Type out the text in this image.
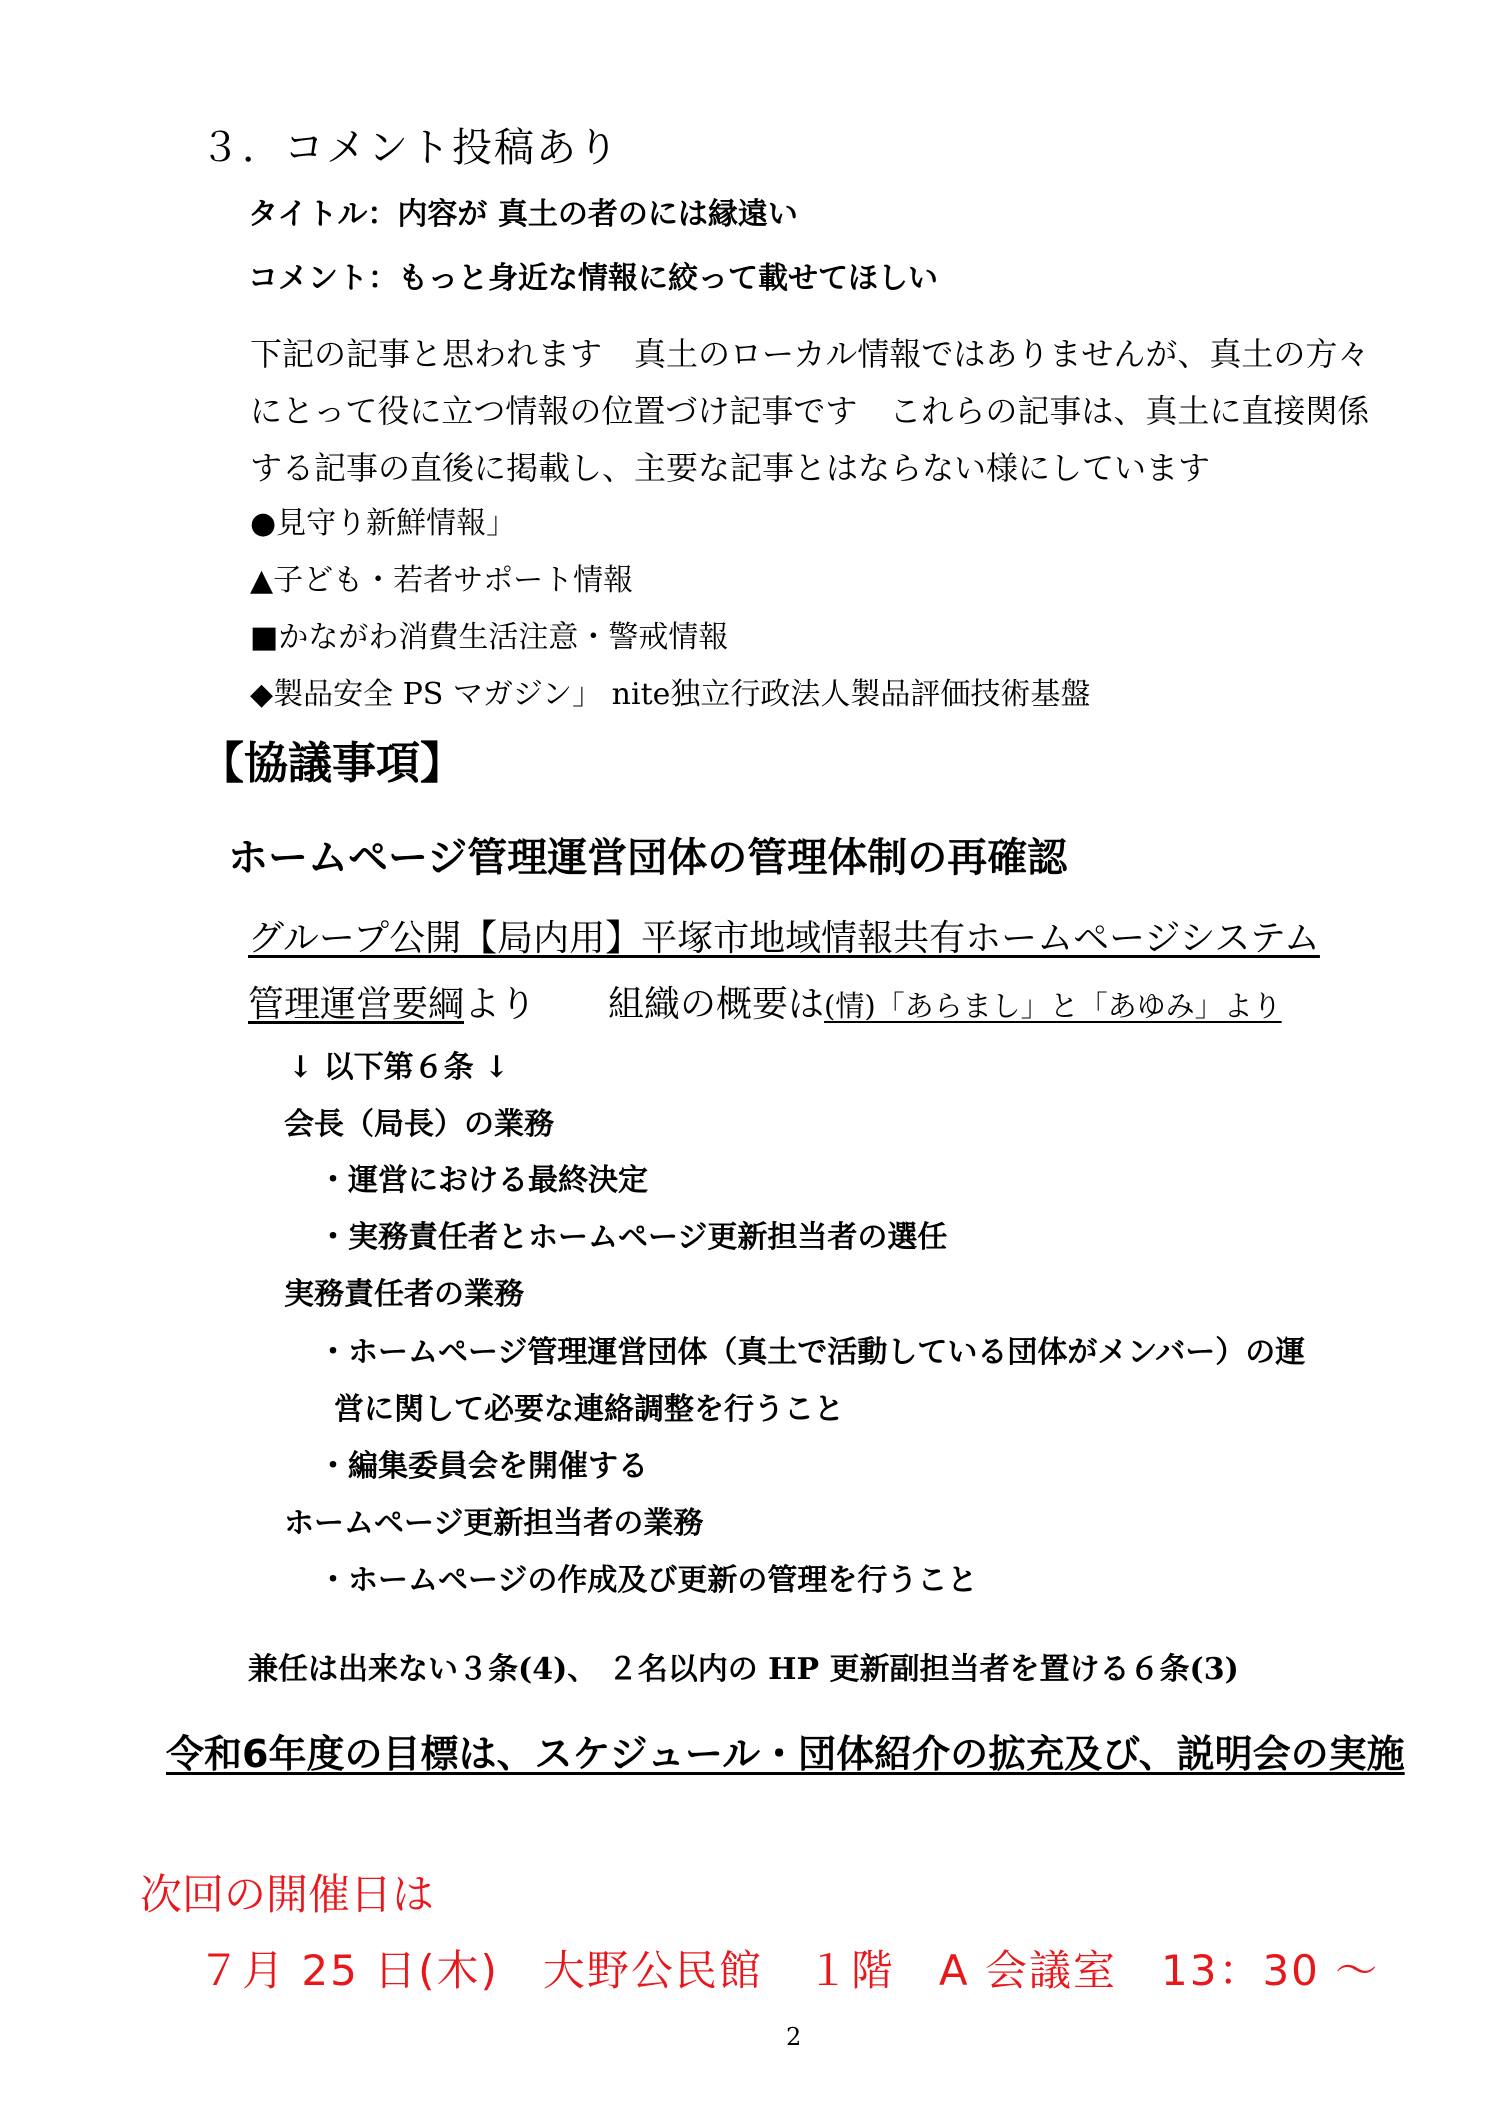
３．コメント投稿あり
タイトル：内容が 真土の者のには縁遠い
コメント：もっと身近な情報に絞って載せてほしい
下記の記事と思われます　真土のローカル情報ではありませんが、真土の方々
にとって役に立つ情報の位置づけ記事です　これらの記事は、真土に直接関係
する記事の直後に掲載し、主要な記事とはならない様にしています
●見守り新鮮情報」
▲子ども・若者サポート情報
■かながわ消費生活注意・警戒情報
◆製品安全 PS マガジン」 nite独立行政法人製品評価技術基盤
【協議事項】
ホームページ管理運営団体の管理体制の再確認
グループ公開【局内用】平塚市地域情報共有ホームページシステム
管理運営要綱より　　組織の概要は(情)「あらまし」と「あゆみ」より
↓ 以下第６条 ↓
会長（局長）の業務
・運営における最終決定
・実務責任者とホームページ更新担当者の選任
実務責任者の業務
・ホームページ管理運営団体（真土で活動している団体がメンバー）の運
営に関して必要な連絡調整を行うこと
・編集委員会を開催する
ホームページ更新担当者の業務
・ホームページの作成及び更新の管理を行うこと
兼任は出来ない３条(4)、 ２名以内の HP 更新副担当者を置ける６条(3)
令和6年度の目標は、スケジュール・団体紹介の拡充及び、説明会の実施
次回の開催日は
７月 25 日(木)　大野公民館　１階　A 会議室　13：30 ～
2
